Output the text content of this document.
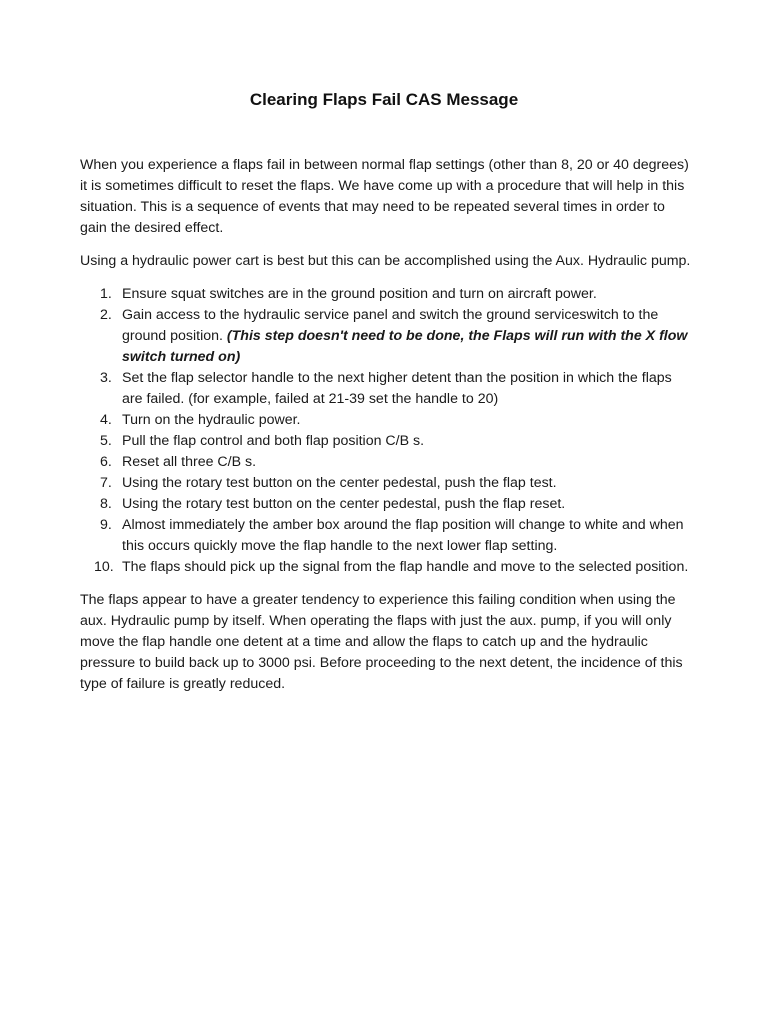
Clearing Flaps Fail CAS Message

When you experience a flaps fail in between normal flap settings (other than 8, 20 or 40 degrees) it is sometimes difficult to reset the flaps. We have come up with a procedure that will help in this situation. This is a sequence of events that may need to be repeated several times in order to gain the desired effect.

Using a hydraulic power cart is best but this can be accomplished using the Aux. Hydraulic pump.

1. Ensure squat switches are in the ground position and turn on aircraft power.
2. Gain access to the hydraulic service panel and switch the ground serviceswitch to the ground position. (This step doesn't need to be done, the Flaps will run with the X flow switch turned on)
3. Set the flap selector handle to the next higher detent than the position in which the flaps are failed. (for example, failed at 21-39 set the handle to 20)
4. Turn on the hydraulic power.
5. Pull the flap control and both flap position C/B s.
6. Reset all three C/B s.
7. Using the rotary test button on the center pedestal, push the flap test.
8. Using the rotary test button on the center pedestal, push the flap reset.
9. Almost immediately the amber box around the flap position will change to white and when this occurs quickly move the flap handle to the next lower flap setting.
10. The flaps should pick up the signal from the flap handle and move to the selected position.

The flaps appear to have a greater tendency to experience this failing condition when using the aux. Hydraulic pump by itself. When operating the flaps with just the aux. pump, if you will only move the flap handle one detent at a time and allow the flaps to catch up and the hydraulic pressure to build back up to 3000 psi. Before proceeding to the next detent, the incidence of this type of failure is greatly reduced.
